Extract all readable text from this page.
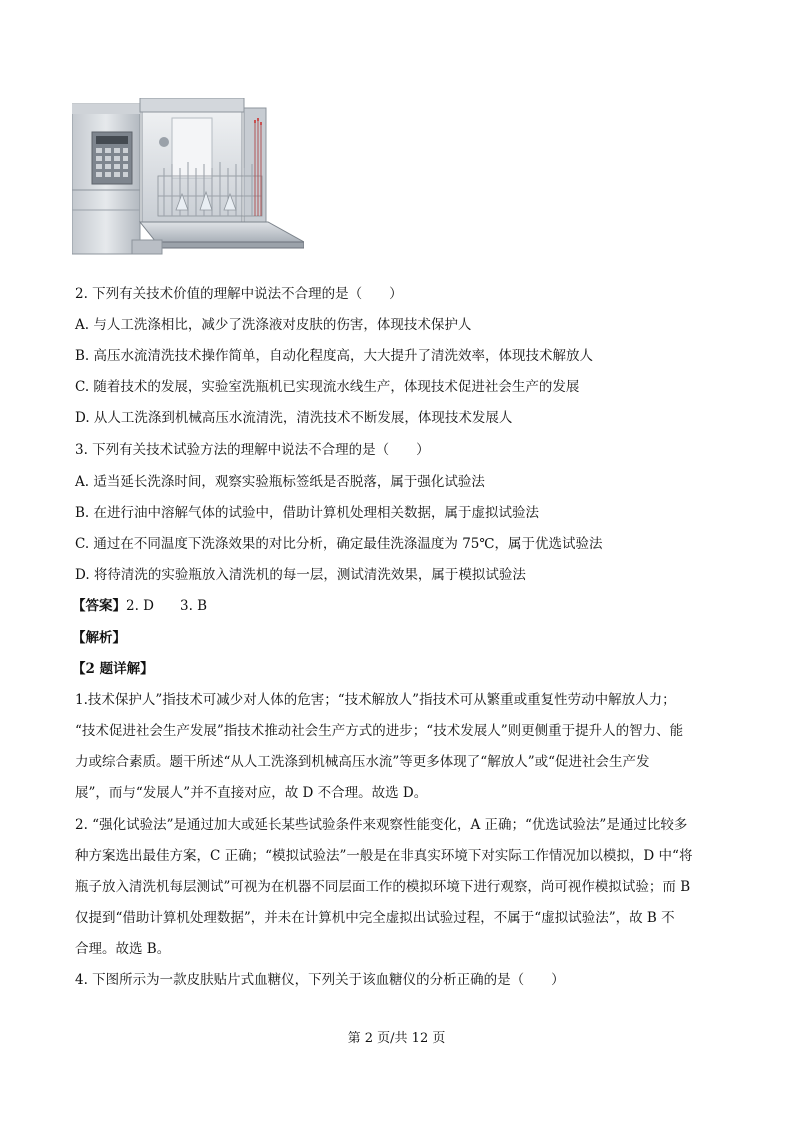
2. 下列有关技术价值的理解中说法不合理的是（　　）
A. 与人工洗涤相比，减少了洗涤液对皮肤的伤害，体现技术保护人
B. 高压水流清洗技术操作简单，自动化程度高，大大提升了清洗效率，体现技术解放人
C. 随着技术的发展，实验室洗瓶机已实现流水线生产，体现技术促进社会生产的发展
D. 从人工洗涤到机械高压水流清洗，清洗技术不断发展，体现技术发展人
3. 下列有关技术试验方法的理解中说法不合理的是（　　）
A. 适当延长洗涤时间，观察实验瓶标签纸是否脱落，属于强化试验法
B. 在进行油中溶解气体的试验中，借助计算机处理相关数据，属于虚拟试验法
C. 通过在不同温度下洗涤效果的对比分析，确定最佳洗涤温度为 75℃，属于优选试验法
D. 将待清洗的实验瓶放入清洗机的每一层，测试清洗效果，属于模拟试验法
【答案】2. D 3. B
【解析】
【2 题详解】
1.技术保护人”指技术可减少对人体的危害；“技术解放人”指技术可从繁重或重复性劳动中解放人力；
“技术促进社会生产发展”指技术推动社会生产方式的进步；“技术发展人”则更侧重于提升人的智力、能
力或综合素质。题干所述“从人工洗涤到机械高压水流”等更多体现了“解放人”或“促进社会生产发
展”，而与“发展人”并不直接对应，故 D 不合理。故选 D。
2. “强化试验法”是通过加大或延长某些试验条件来观察性能变化，A 正确；“优选试验法”是通过比较多
种方案选出最佳方案，C 正确；“模拟试验法”一般是在非真实环境下对实际工作情况加以模拟，D 中“将
瓶子放入清洗机每层测试”可视为在机器不同层面工作的模拟环境下进行观察，尚可视作模拟试验；而 B
仅提到“借助计算机处理数据”，并未在计算机中完全虚拟出试验过程，不属于“虚拟试验法”，故 B 不
合理。故选 B。
4. 下图所示为一款皮肤贴片式血糖仪，下列关于该血糖仪的分析正确的是（　　）
第 2 页/共 12 页
